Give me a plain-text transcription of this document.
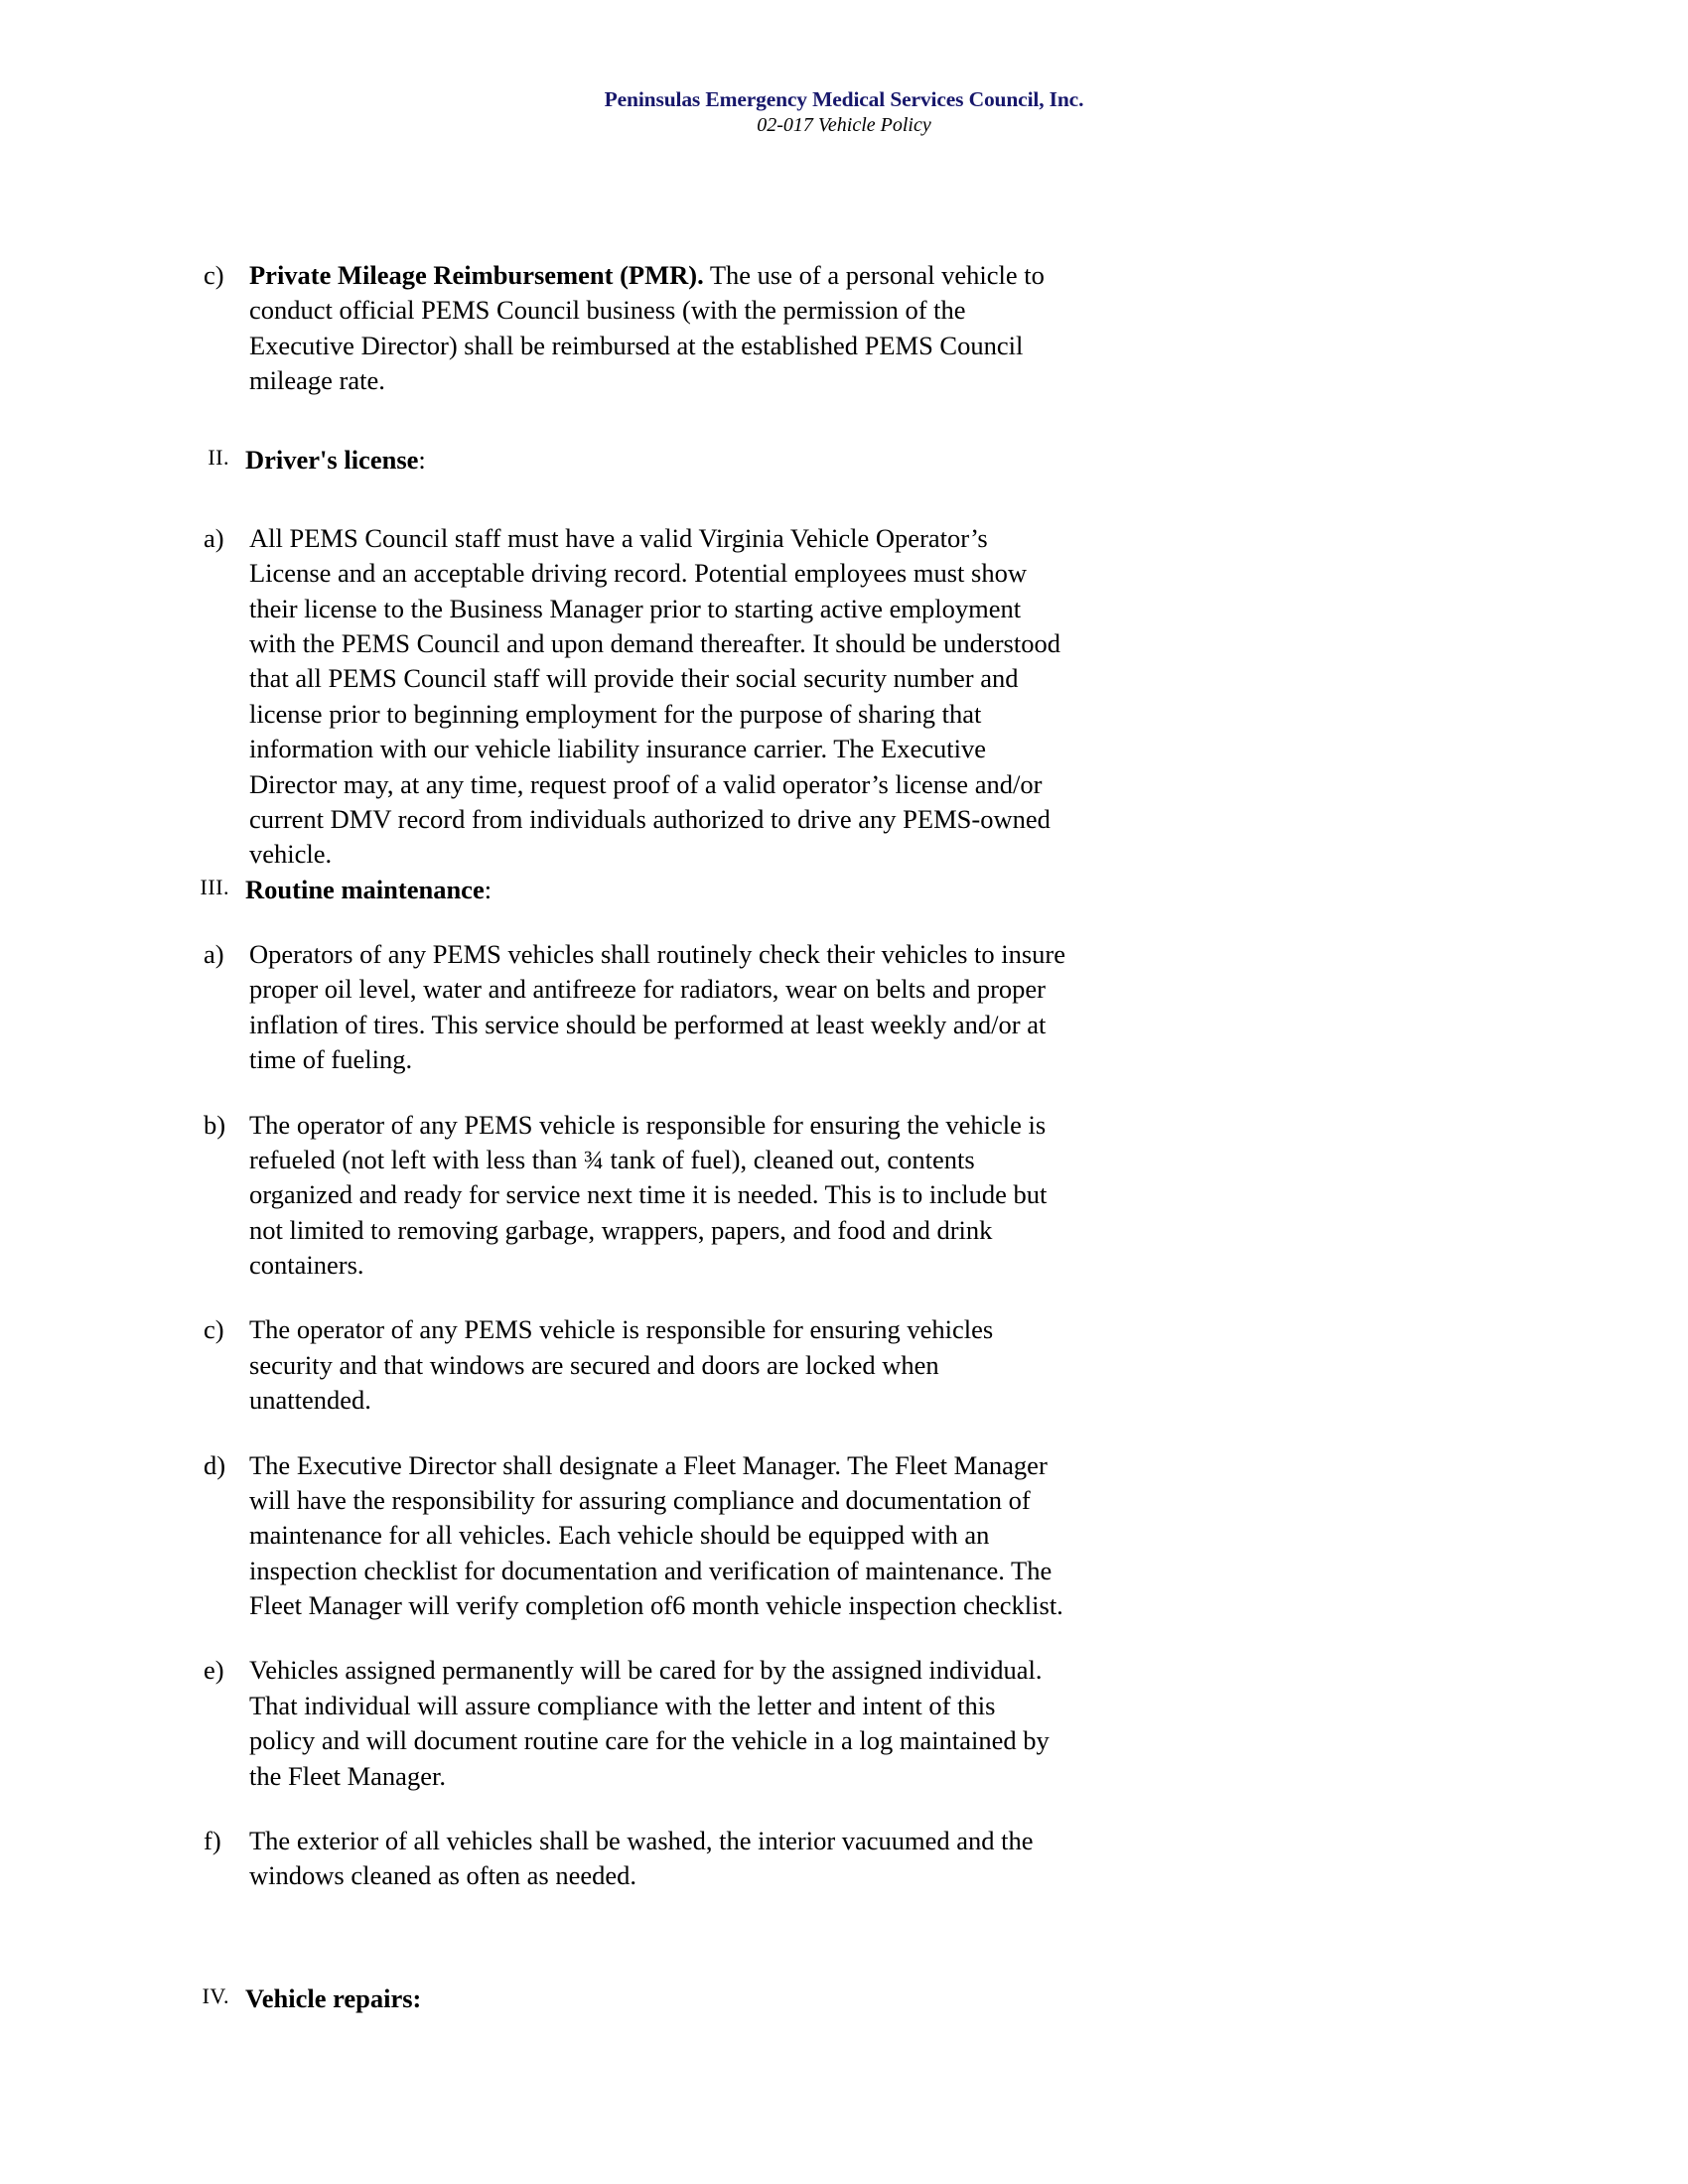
Peninsulas Emergency Medical Services Council, Inc.
02-017 Vehicle Policy
c) Private Mileage Reimbursement (PMR). The use of a personal vehicle to conduct official PEMS Council business (with the permission of the Executive Director) shall be reimbursed at the established PEMS Council mileage rate.
II. Driver's license:
a) All PEMS Council staff must have a valid Virginia Vehicle Operator’s License and an acceptable driving record. Potential employees must show their license to the Business Manager prior to starting active employment with the PEMS Council and upon demand thereafter. It should be understood that all PEMS Council staff will provide their social security number and license prior to beginning employment for the purpose of sharing that information with our vehicle liability insurance carrier. The Executive Director may, at any time, request proof of a valid operator’s license and/or current DMV record from individuals authorized to drive any PEMS-owned vehicle.
III. Routine maintenance:
a) Operators of any PEMS vehicles shall routinely check their vehicles to insure proper oil level, water and antifreeze for radiators, wear on belts and proper inflation of tires. This service should be performed at least weekly and/or at time of fueling.
b) The operator of any PEMS vehicle is responsible for ensuring the vehicle is refueled (not left with less than ¾ tank of fuel), cleaned out, contents organized and ready for service next time it is needed. This is to include but not limited to removing garbage, wrappers, papers, and food and drink containers.
c) The operator of any PEMS vehicle is responsible for ensuring vehicles security and that windows are secured and doors are locked when unattended.
d) The Executive Director shall designate a Fleet Manager. The Fleet Manager will have the responsibility for assuring compliance and documentation of maintenance for all vehicles. Each vehicle should be equipped with an inspection checklist for documentation and verification of maintenance. The Fleet Manager will verify completion of6 month vehicle inspection checklist.
e) Vehicles assigned permanently will be cared for by the assigned individual. That individual will assure compliance with the letter and intent of this policy and will document routine care for the vehicle in a log maintained by the Fleet Manager.
f)	The exterior of all vehicles shall be washed, the interior vacuumed and the windows cleaned as often as needed.
IV. Vehicle repairs:
